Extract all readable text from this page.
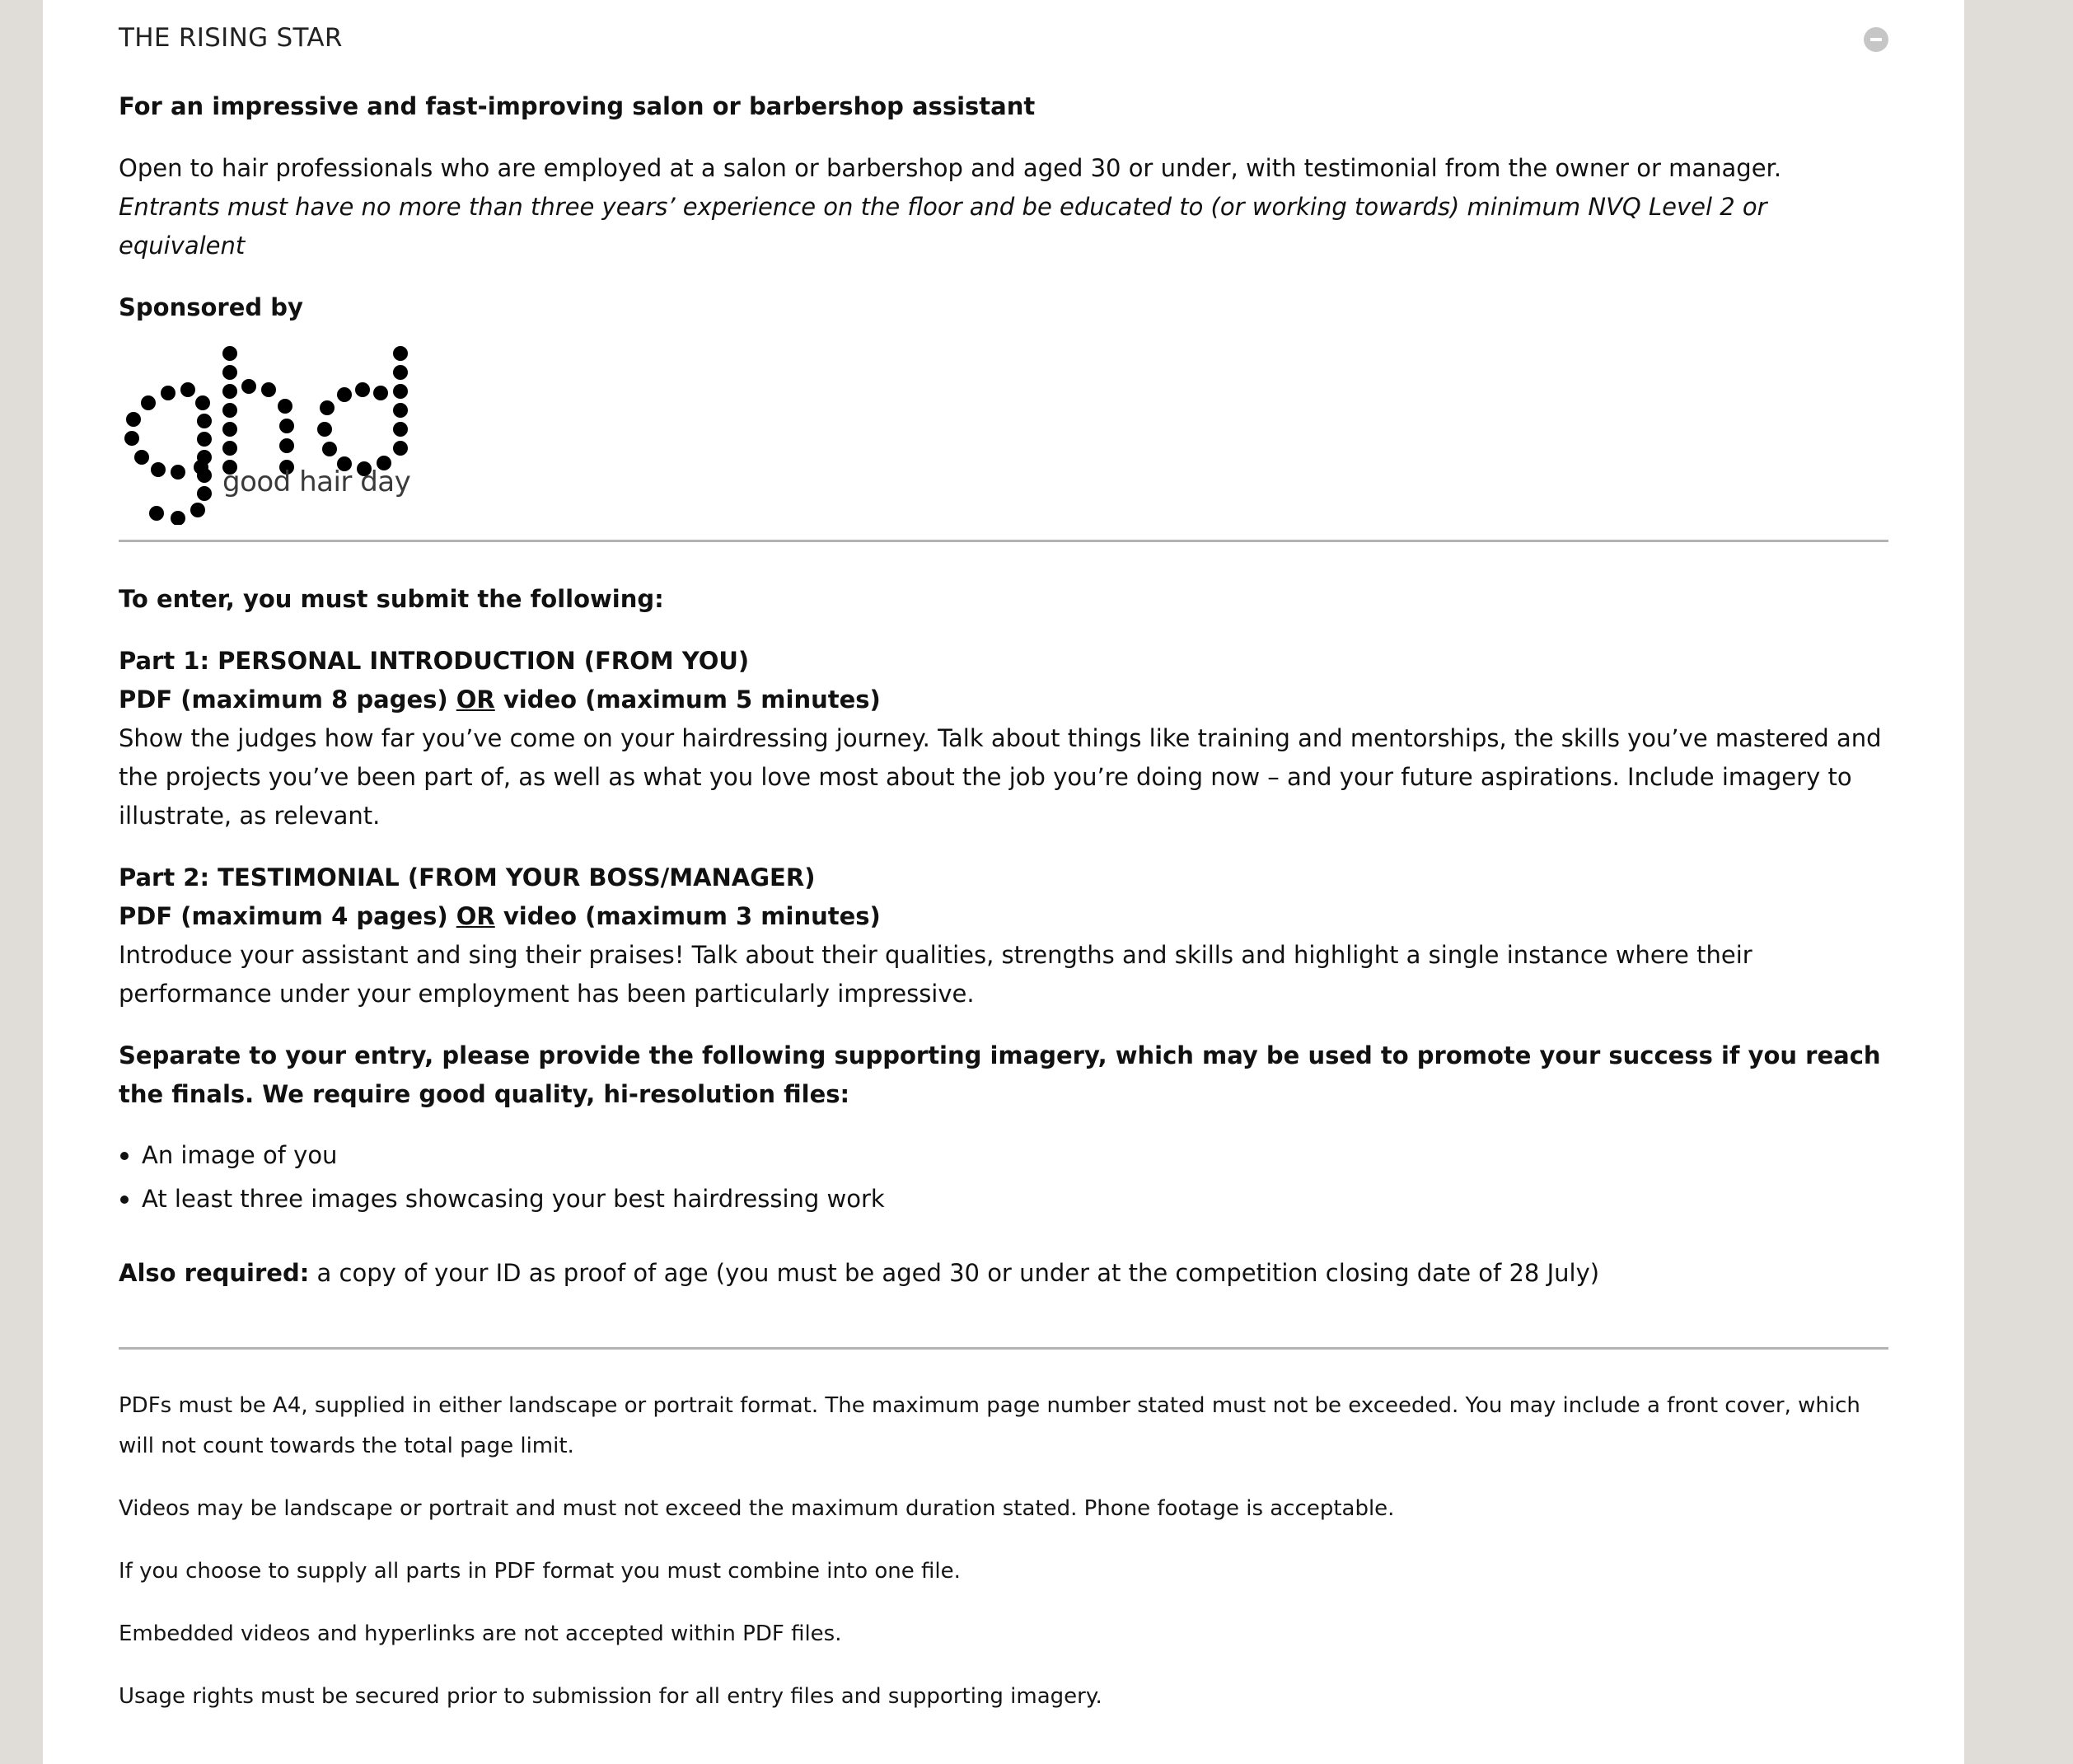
THE RISING STAR

For an impressive and fast-improving salon or barbershop assistant

Open to hair professionals who are employed at a salon or barbershop and aged 30 or under, with testimonial from the owner or manager. Entrants must have no more than three years’ experience on the floor and be educated to (or working towards) minimum NVQ Level 2 or equivalent

Sponsored by

good hair day

To enter, you must submit the following:

Part 1: PERSONAL INTRODUCTION (FROM YOU)

PDF (maximum 8 pages) OR video (maximum 5 minutes)

Show the judges how far you’ve come on your hairdressing journey. Talk about things like training and mentorships, the skills you’ve mastered and the projects you’ve been part of, as well as what you love most about the job you’re doing now – and your future aspirations. Include imagery to illustrate, as relevant.

Part 2: TESTIMONIAL (FROM YOUR BOSS/MANAGER)

PDF (maximum 4 pages) OR video (maximum 3 minutes)

Introduce your assistant and sing their praises! Talk about their qualities, strengths and skills and highlight a single instance where their performance under your employment has been particularly impressive.

Separate to your entry, please provide the following supporting imagery, which may be used to promote your success if you reach the finals. We require good quality, hi-resolution files:

An image of you
At least three images showcasing your best hairdressing work

Also required: a copy of your ID as proof of age (you must be aged 30 or under at the competition closing date of 28 July)

PDFs must be A4, supplied in either landscape or portrait format. The maximum page number stated must not be exceeded. You may include a front cover, which will not count towards the total page limit.

Videos may be landscape or portrait and must not exceed the maximum duration stated. Phone footage is acceptable.

If you choose to supply all parts in PDF format you must combine into one file.

Embedded videos and hyperlinks are not accepted within PDF files.

Usage rights must be secured prior to submission for all entry files and supporting imagery.
